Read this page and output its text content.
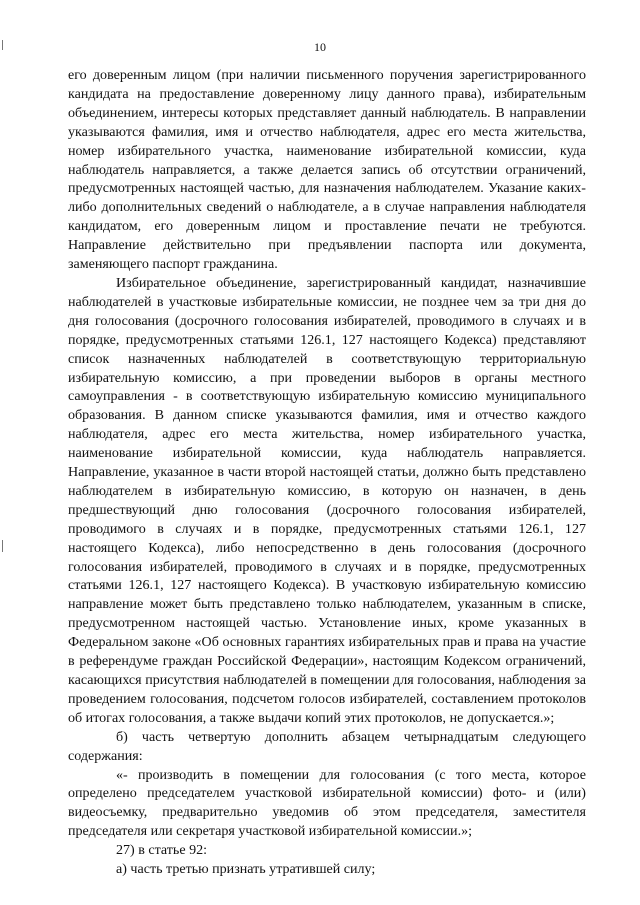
10

его доверенным лицом (при наличии письменного поручения зарегистрированного кандидата на предоставление доверенному лицу данного права), избирательным объединением, интересы которых представляет данный наблюдатель. В направлении указываются фамилия, имя и отчество наблюдателя, адрес его места жительства, номер избирательного участка, наименование избирательной комиссии, куда наблюдатель направляется, а также делается запись об отсутствии ограничений, предусмотренных настоящей частью, для назначения наблюдателем. Указание каких-либо дополнительных сведений о наблюдателе, а в случае направления наблюдателя кандидатом, его доверенным лицом и проставление печати не требуются. Направление действительно при предъявлении паспорта или документа, заменяющего паспорт гражданина.

Избирательное объединение, зарегистрированный кандидат, назначившие наблюдателей в участковые избирательные комиссии, не позднее чем за три дня до дня голосования (досрочного голосования избирателей, проводимого в случаях и в порядке, предусмотренных статьями 126.1, 127 настоящего Кодекса) представляют список назначенных наблюдателей в соответствующую территориальную избирательную комиссию, а при проведении выборов в органы местного самоуправления - в соответствующую избирательную комиссию муниципального образования. В данном списке указываются фамилия, имя и отчество каждого наблюдателя, адрес его места жительства, номер избирательного участка, наименование избирательной комиссии, куда наблюдатель направляется. Направление, указанное в части второй настоящей статьи, должно быть представлено наблюдателем в избирательную комиссию, в которую он назначен, в день предшествующий дню голосования (досрочного голосования избирателей, проводимого в случаях и в порядке, предусмотренных статьями 126.1, 127 настоящего Кодекса), либо непосредственно в день голосования (досрочного голосования избирателей, проводимого в случаях и в порядке, предусмотренных статьями 126.1, 127 настоящего Кодекса). В участковую избирательную комиссию направление может быть представлено только наблюдателем, указанным в списке, предусмотренном настоящей частью. Установление иных, кроме указанных в Федеральном законе «Об основных гарантиях избирательных прав и права на участие в референдуме граждан Российской Федерации», настоящим Кодексом ограничений, касающихся присутствия наблюдателей в помещении для голосования, наблюдения за проведением голосования, подсчетом голосов избирателей, составлением протоколов об итогах голосования, а также выдачи копий этих протоколов, не допускается.»;

б) часть четвертую дополнить абзацем четырнадцатым следующего содержания:

«- производить в помещении для голосования (с того места, которое определено председателем участковой избирательной комиссии) фото- и (или) видеосъемку, предварительно уведомив об этом председателя, заместителя председателя или секретаря участковой избирательной комиссии.»;

27) в статье 92:

а) часть третью признать утратившей силу;
